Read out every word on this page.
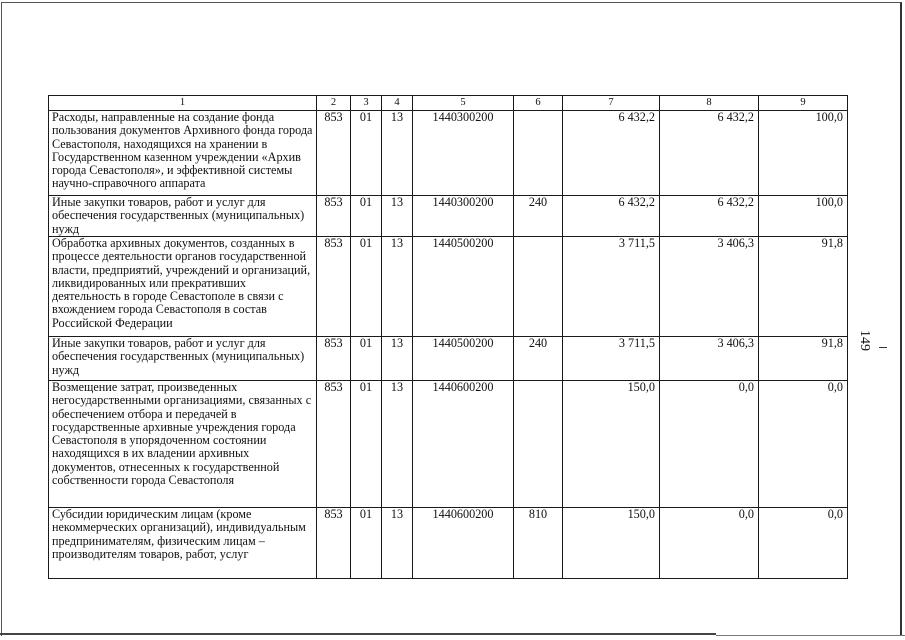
1	2	3	4	5	6	7	8	9
Расходы, направленные на создание фонда пользования документов Архивного фонда города Севастополя, находящихся на хранении в Государственном казенном учреждении «Архив города Севастополя», и эффективной системы научно-справочного аппарата	853	01	13	1440300200		6 432,2	6 432,2	100,0
Иные закупки товаров, работ и услуг для обеспечения государственных (муниципальных) нужд	853	01	13	1440300200	240	6 432,2	6 432,2	100,0
Обработка архивных документов, созданных в процессе деятельности органов государственной власти, предприятий, учреждений и организаций, ликвидированных или прекративших деятельность в городе Севастополе в связи с вхождением города Севастополя в состав Российской Федерации	853	01	13	1440500200		3 711,5	3 406,3	91,8
Иные закупки товаров, работ и услуг для обеспечения государственных (муниципальных) нужд	853	01	13	1440500200	240	3 711,5	3 406,3	91,8
Возмещение затрат, произведенных негосударственными организациями, связанных с обеспечением отбора и передачей в государственные архивные учреждения города Севастополя в упорядоченном состоянии находящихся в их владении архивных документов, отнесенных к государственной собственности города Севастополя	853	01	13	1440600200		150,0	0,0	0,0
Субсидии юридическим лицам (кроме некоммерческих организаций), индивидуальным предпринимателям, физическим лицам – производителям товаров, работ, услуг	853	01	13	1440600200	810	150,0	0,0	0,0
149
